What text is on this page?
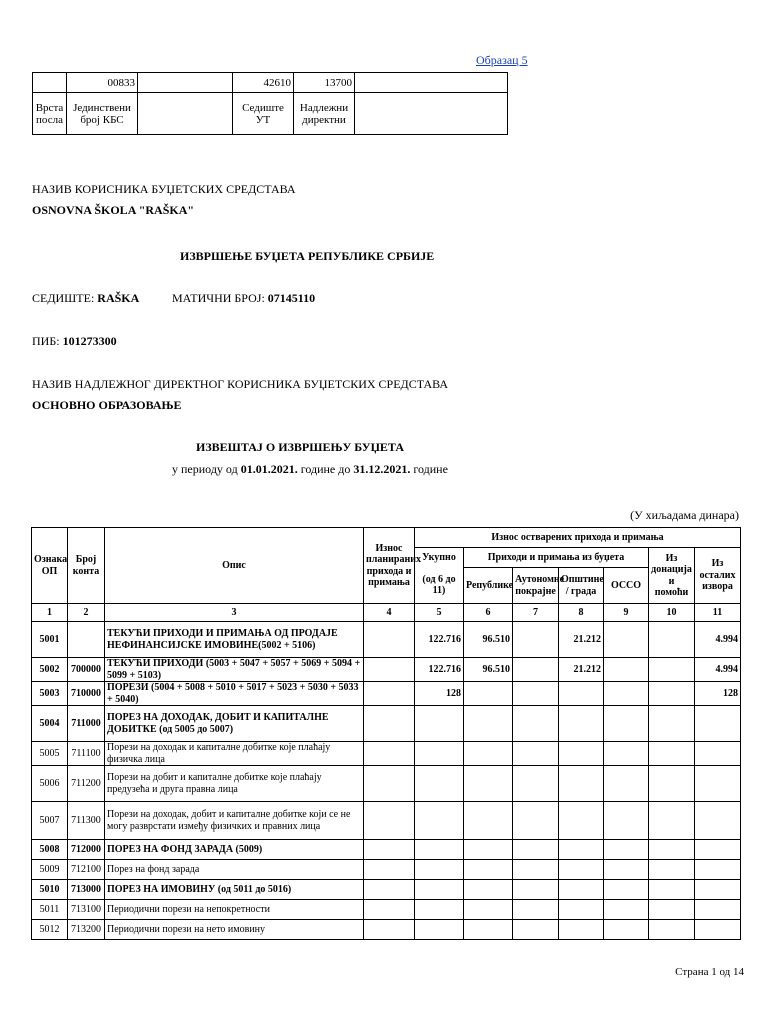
Образац 5
	00833		42610	13700	
Врста посла	Јединствени број КБС		Седиште УТ	Надлежни директни	
НАЗИВ КОРИСНИКА БУЏЕТСКИХ СРЕДСТАВА
OSNOVNA ŠKOLA "RAŠKA"
ИЗВРШЕЊЕ БУЏЕТА РЕПУБЛИКЕ СРБИЈЕ
СЕДИШТЕ: RAŠKA	МАТИЧНИ БРОЈ: 07145110
ПИБ: 101273300
НАЗИВ НАДЛЕЖНОГ ДИРЕКТНОГ КОРИСНИКА БУЏЕТСКИХ СРЕДСТАВА
ОСНОВНО ОБРАЗОВАЊЕ
ИЗВЕШТАЈ О ИЗВРШЕЊУ БУЏЕТА
у периоду од 01.01.2021. године до 31.12.2021. године
(У хиљадама динара)
Ознака ОП	Број конта	Опис	Износ планираних прихода и примања	Износ остварених прихода и примања						
				Укупно	Приходи и примања из буџета				Из донација и помоћи	Из осталих извора
				(од 6 до 11)	Републике	Аутономне покрајне	Општине / града	ОССО		
1	2	3	4	5	6	7	8	9	10	11
5001		ТЕКУЋИ ПРИХОДИ И ПРИМАЊА ОД ПРОДАЈЕ НЕФИНАНСИЈСКЕ ИМОВИНЕ(5002 + 5106)		122.716	96.510		21.212			4.994
5002	700000	ТЕКУЋИ ПРИХОДИ (5003 + 5047 + 5057 + 5069 + 5094 + 5099 + 5103)		122.716	96.510		21.212			4.994
5003	710000	ПОРЕЗИ (5004 + 5008 + 5010 + 5017 + 5023 + 5030 + 5033 + 5040)		128						128
5004	711000	ПОРЕЗ НА ДОХОДАК, ДОБИТ И КАПИТАЛНЕ ДОБИТКЕ (од 5005 до 5007)								
5005	711100	Порези на доходак и капиталне добитке које плаћају физичка лица								
5006	711200	Порези на добит и капиталне добитке које плаћају предузећа и друга правна лица								
5007	711300	Порези на доходак, добит и капиталне добитке који се не могу разврстати између физичких и правних лица								
5008	712000	ПОРЕЗ НА ФОНД ЗАРАДА (5009)								
5009	712100	Порез на фонд зарада								
5010	713000	ПОРЕЗ НА ИМОВИНУ (од 5011 до 5016)								
5011	713100	Периодични порези на непокретности								
5012	713200	Периодични порези на нето имовину								
Страна 1 од 14
